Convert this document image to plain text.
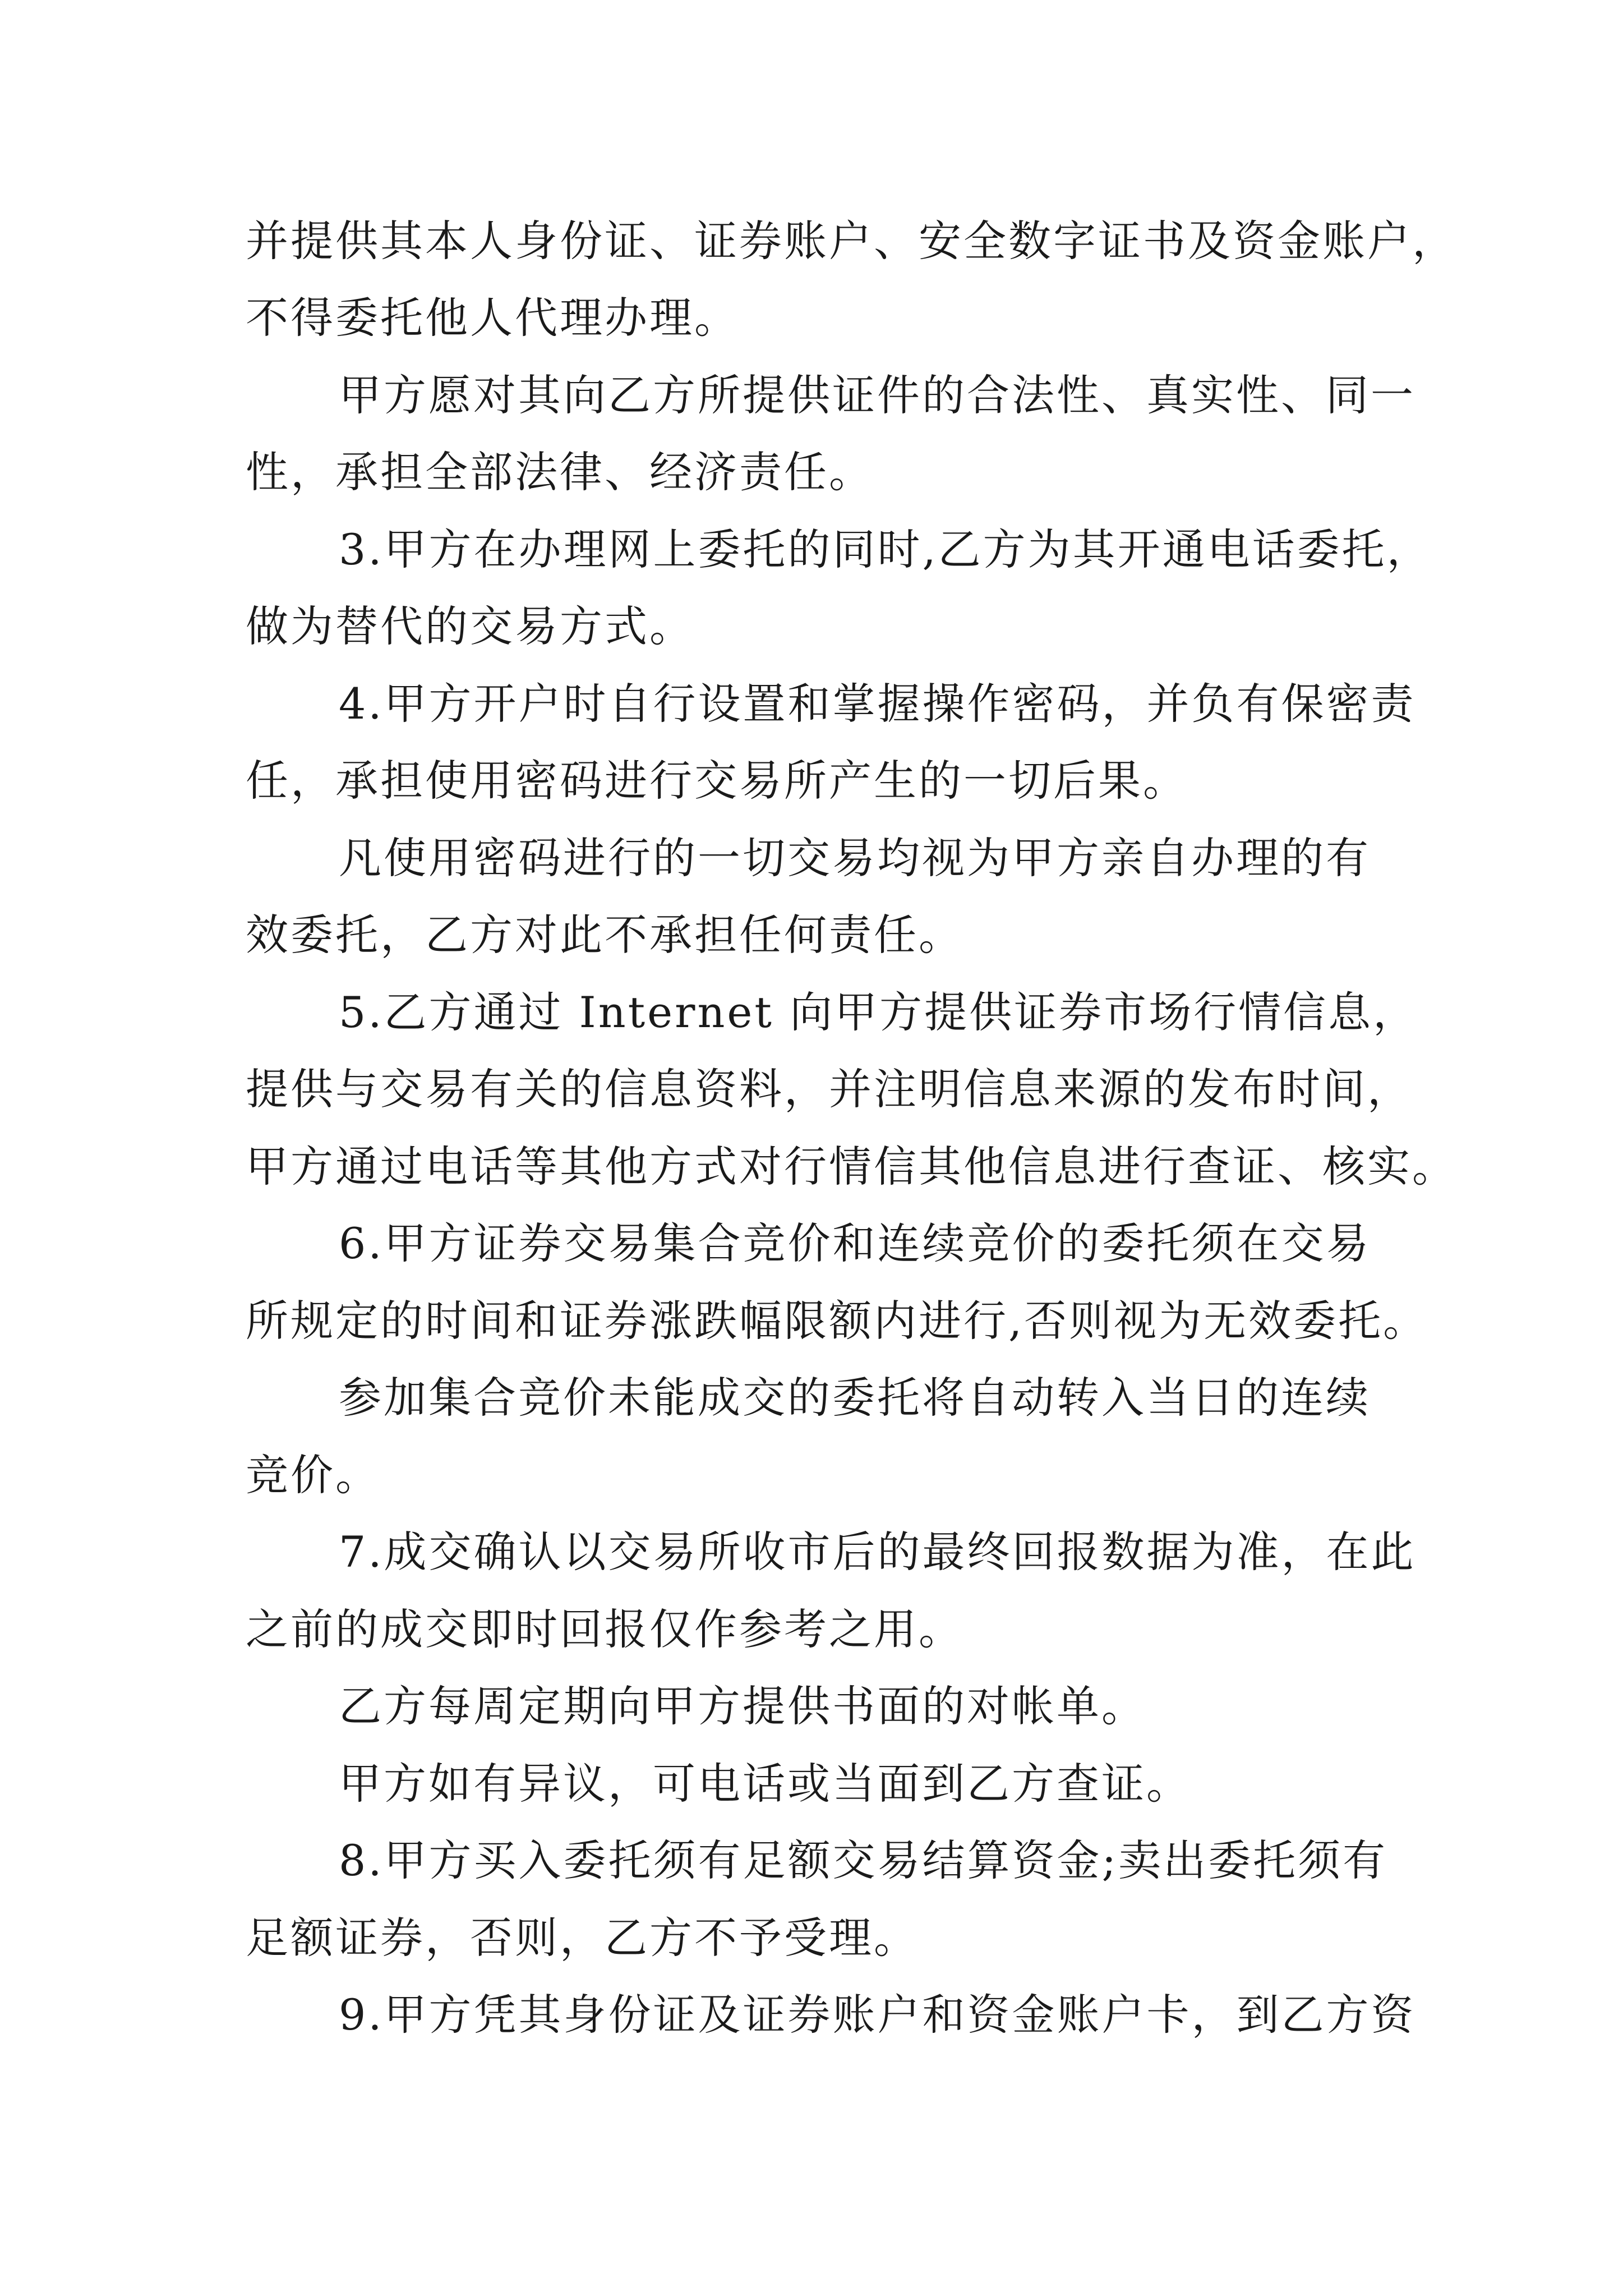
并提供其本人身份证、证券账户、安全数字证书及资金账户，
不得委托他人代理办理。
甲方愿对其向乙方所提供证件的合法性、真实性、同一
性，承担全部法律、经济责任。
3.甲方在办理网上委托的同时,乙方为其开通电话委托，
做为替代的交易方式。
4.甲方开户时自行设置和掌握操作密码，并负有保密责
任，承担使用密码进行交易所产生的一切后果。
凡使用密码进行的一切交易均视为甲方亲自办理的有
效委托，乙方对此不承担任何责任。
5.乙方通过 Internet 向甲方提供证券市场行情信息，
提供与交易有关的信息资料，并注明信息来源的发布时间，
甲方通过电话等其他方式对行情信其他信息进行查证、核实。
6.甲方证券交易集合竞价和连续竞价的委托须在交易
所规定的时间和证券涨跌幅限额内进行,否则视为无效委托。
参加集合竞价未能成交的委托将自动转入当日的连续
竞价。
7.成交确认以交易所收市后的最终回报数据为准，在此
之前的成交即时回报仅作参考之用。
乙方每周定期向甲方提供书面的对帐单。
甲方如有异议，可电话或当面到乙方查证。
8.甲方买入委托须有足额交易结算资金;卖出委托须有
足额证券，否则，乙方不予受理。
9.甲方凭其身份证及证券账户和资金账户卡，到乙方资
